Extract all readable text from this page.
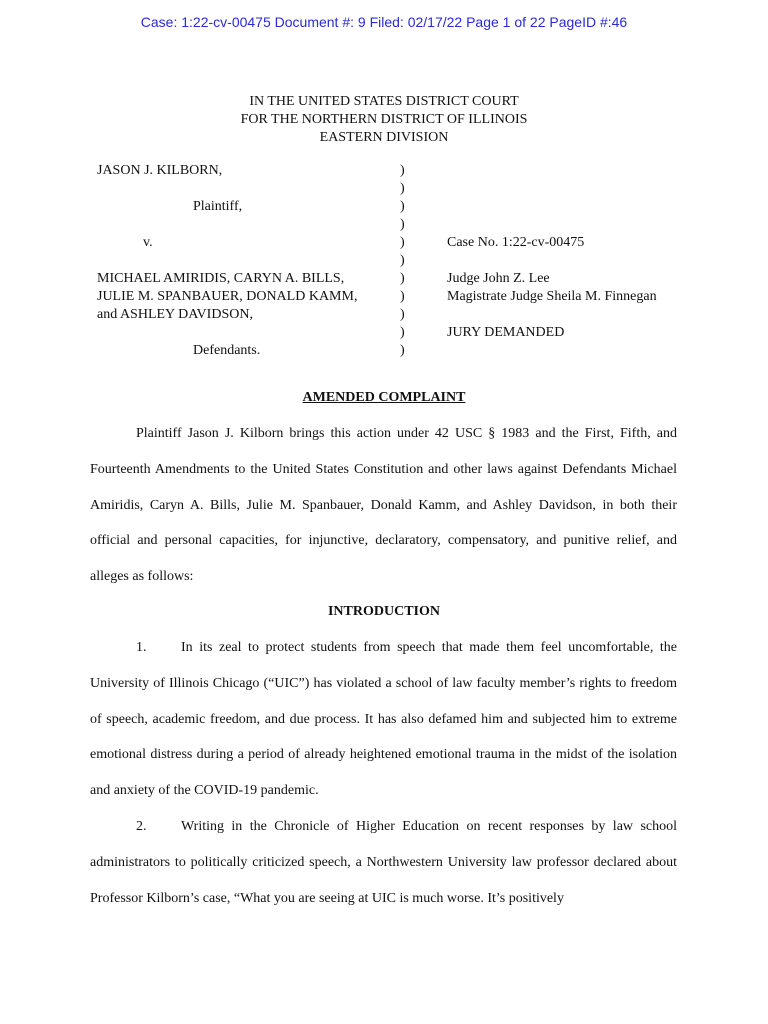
Case: 1:22-cv-00475 Document #: 9 Filed: 02/17/22 Page 1 of 22 PageID #:46
IN THE UNITED STATES DISTRICT COURT
FOR THE NORTHERN DISTRICT OF ILLINOIS
EASTERN DIVISION
JASON J. KILBORN,
Plaintiff,
v.
MICHAEL AMIRIDIS, CARYN A. BILLS,
JULIE M. SPANBAUER, DONALD KAMM,
and ASHLEY DAVIDSON,
Defendants.
)
)
)
)
)
)
)
)
)
)
)
Case No. 1:22-cv-00475
Judge John Z. Lee
Magistrate Judge Sheila M. Finnegan
JURY DEMANDED
AMENDED COMPLAINT
Plaintiff Jason J. Kilborn brings this action under 42 USC § 1983 and the First, Fifth, and Fourteenth Amendments to the United States Constitution and other laws against Defendants Michael Amiridis, Caryn A. Bills, Julie M. Spanbauer, Donald Kamm, and Ashley Davidson, in both their official and personal capacities, for injunctive, declaratory, compensatory, and punitive relief, and alleges as follows:
INTRODUCTION
1. In its zeal to protect students from speech that made them feel uncomfortable, the University of Illinois Chicago (“UIC”) has violated a school of law faculty member’s rights to freedom of speech, academic freedom, and due process. It has also defamed him and subjected him to extreme emotional distress during a period of already heightened emotional trauma in the midst of the isolation and anxiety of the COVID-19 pandemic.
2. Writing in the Chronicle of Higher Education on recent responses by law school administrators to politically criticized speech, a Northwestern University law professor declared about Professor Kilborn’s case, “What you are seeing at UIC is much worse. It’s positively
